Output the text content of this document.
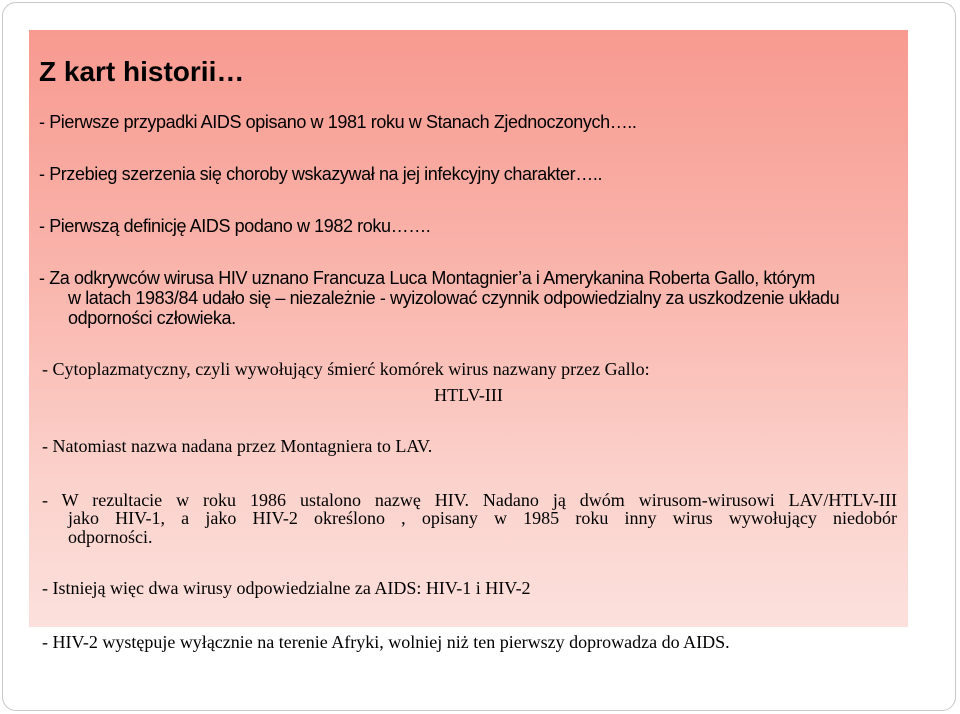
Z kart historii…

- Pierwsze przypadki AIDS opisano w 1981 roku w Stanach Zjednoczonych…..

- Przebieg szerzenia się choroby wskazywał na jej infekcyjny charakter…..

- Pierwszą definicję AIDS podano w 1982 roku…….

- Za odkrywców wirusa HIV uznano Francuza Luca Montagnier’a i Amerykanina Roberta Gallo, którym

w latach 1983/84 udało się – niezależnie - wyizolować czynnik odpowiedzialny za uszkodzenie układu

odporności człowieka.

- Cytoplazmatyczny, czyli wywołujący śmierć komórek wirus nazwany przez Gallo:

HTLV-III

- Natomiast nazwa nadana przez Montagniera to LAV.

- W rezultacie w roku 1986 ustalono nazwę HIV. Nadano ją dwóm wirusom-wirusowi LAV/HTLV-III

jako HIV-1, a jako HIV-2 określono , opisany w 1985 roku inny wirus wywołujący niedobór

odporności.

- Istnieją więc dwa wirusy odpowiedzialne za AIDS: HIV-1 i HIV-2

- HIV-2 występuje wyłącznie na terenie Afryki, wolniej niż ten pierwszy doprowadza do AIDS.
